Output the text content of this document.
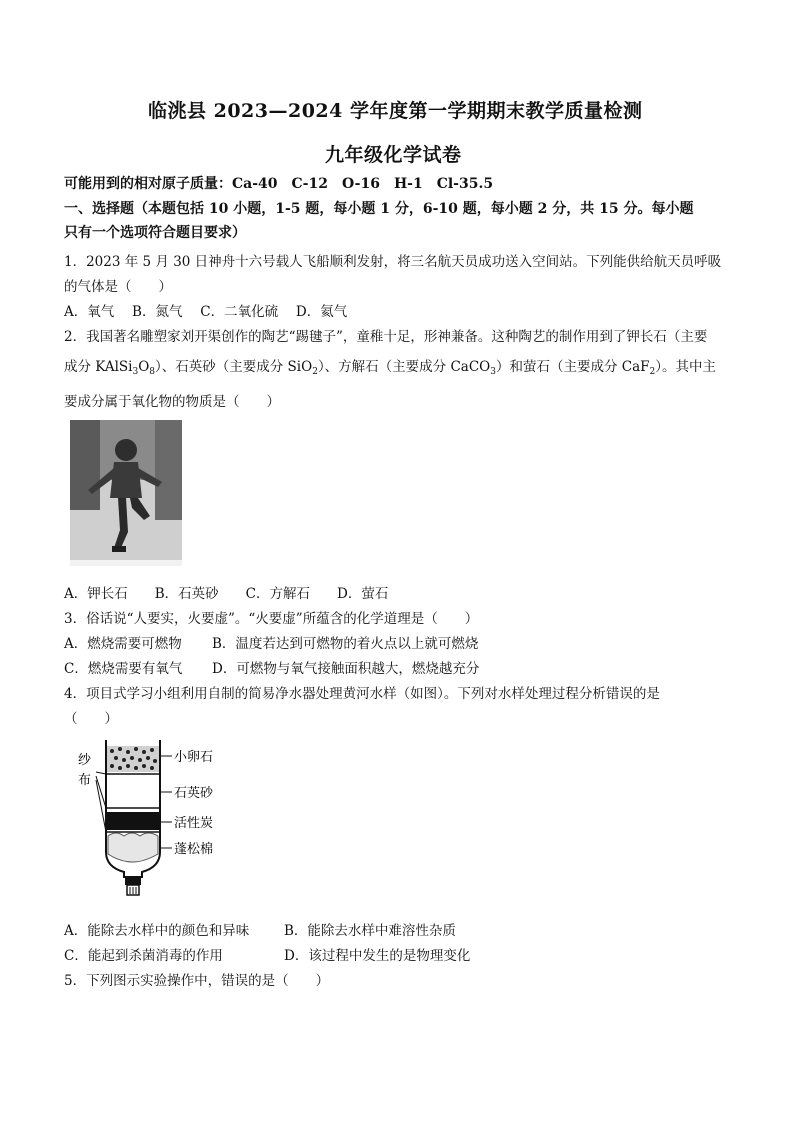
临洮县 2023—2024 学年度第一学期期末教学质量检测
九年级化学试卷
可能用到的相对原子质量：Ca-40　C-12　O-16　H-1　Cl-35.5
一、选择题（本题包括 10 小题，1-5 题，每小题 1 分，6-10 题，每小题 2 分，共 15 分。每小题
只有一个选项符合题目要求）
1．2023 年 5 月 30 日神舟十六号载人飞船顺利发射，将三名航天员成功送入空间站。下列能供给航天员呼吸
的气体是（　　）
A．氧气　 B．氮气　 C．二氧化硫　 D．氦气
2．我国著名雕塑家刘开渠创作的陶艺“踢毽子”，童稚十足，形神兼备。这种陶艺的制作用到了钾长石（主要
成分 $KAlSi_3O_8$）、石英砂（主要成分 SiO$_2$）、方解石（主要成分 CaCO$_3$）和萤石（主要成分 CaF$_2$）。其中主
要成分属于氧化物的物质是（　　）
A．钾长石　　B．石英砂　　C．方解石　　D．萤石
3．俗话说“人要实，火要虚”。“火要虚”所蕴含的化学道理是（　　）
A．燃烧需要可燃物 B．温度若达到可燃物的着火点以上就可燃烧
C．燃烧需要有氧气 D．可燃物与氧气接触面积越大，燃烧越充分
4．项目式学习小组利用自制的简易净水器处理黄河水样（如图）。下列对水样处理过程分析错误的是
（　　）
纱
布
小卵石
石英砂
活性炭
蓬松棉
A．能除去水样中的颜色和异味	B．能除去水样中难溶性杂质
C．能起到杀菌消毒的作用	D．该过程中发生的是物理变化
5．下列图示实验操作中，错误的是（　　）
